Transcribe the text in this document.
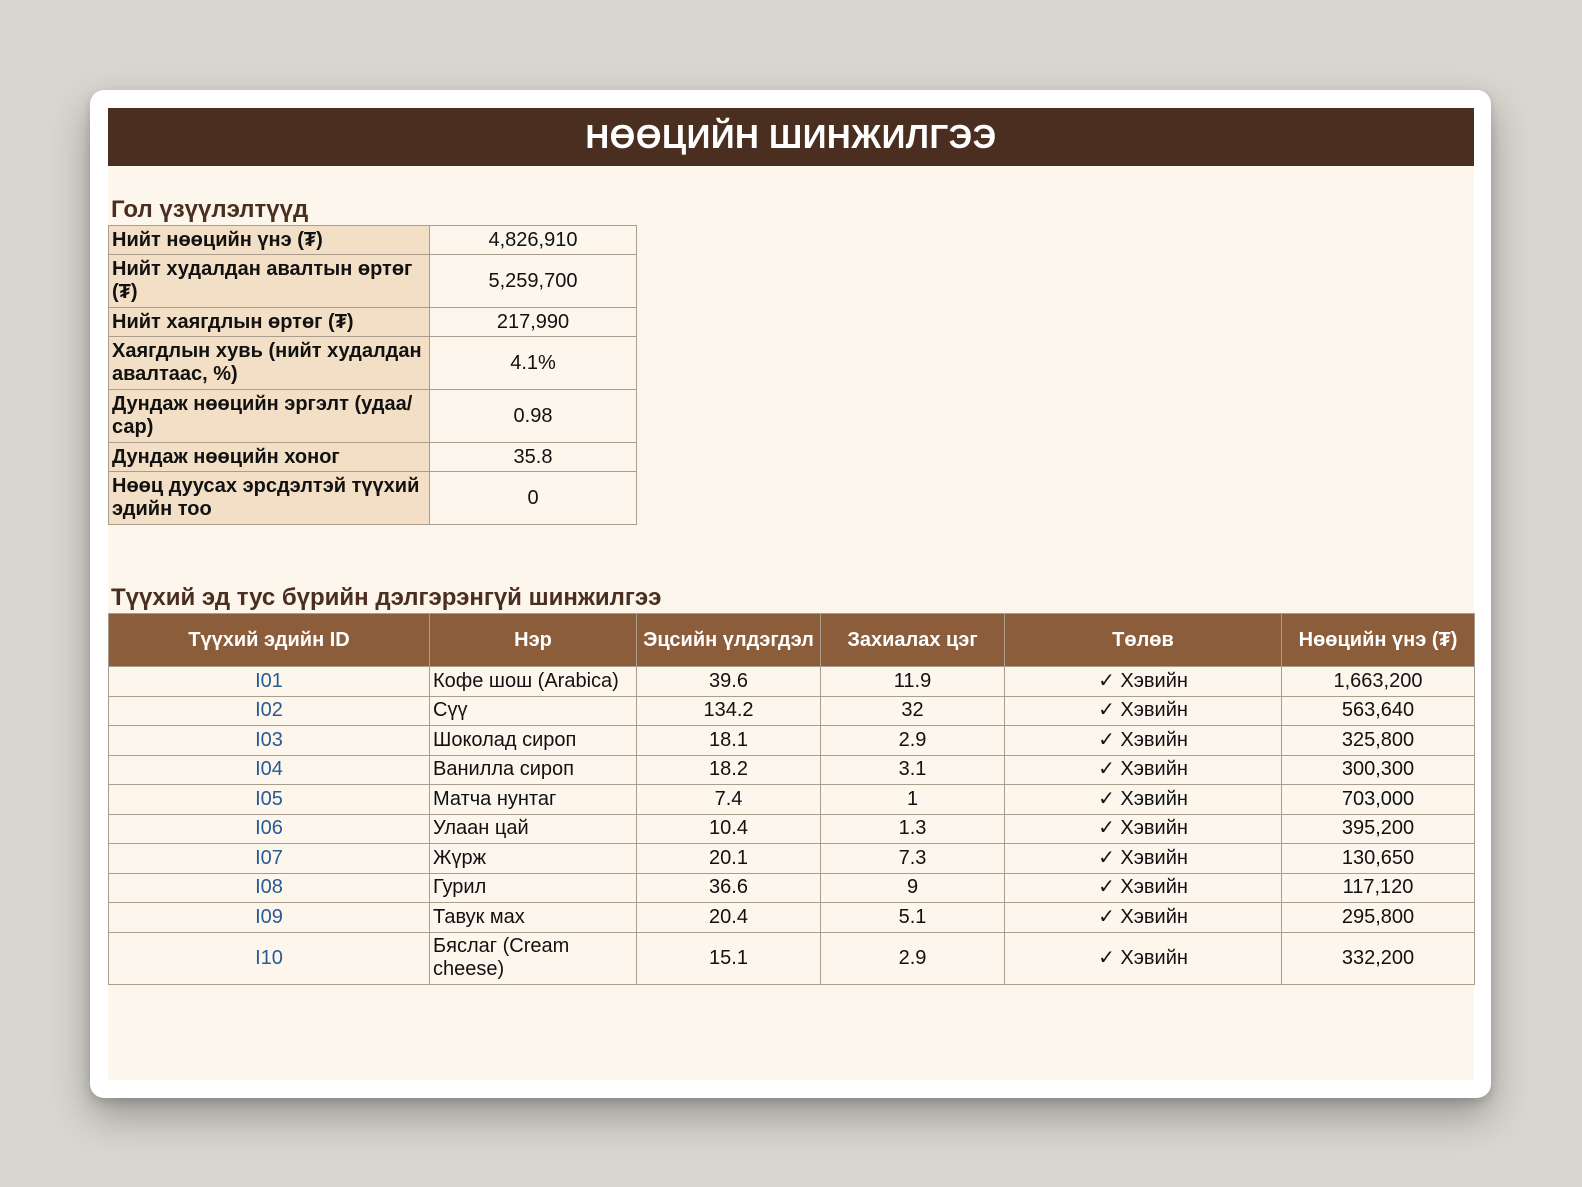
НӨӨЦИЙН ШИНЖИЛГЭЭ
Гол үзүүлэлтүүд
Нийт нөөцийн үнэ (₮)	4,826,910
Нийт худалдан авалтын өртөг (₮)	5,259,700
Нийт хаягдлын өртөг (₮)	217,990
Хаягдлын хувь (нийт худалдан авалтаас, %)	4.1%
Дундаж нөөцийн эргэлт (удаа/сар)	0.98
Дундаж нөөцийн хоног	35.8
Нөөц дуусах эрсдэлтэй түүхий эдийн тоо	0
Түүхий эд тус бүрийн дэлгэрэнгүй шинжилгээ
Түүхий эдийн ID	Нэр	Эцсийн үлдэгдэл	Захиалах цэг	Төлөв	Нөөцийн үнэ (₮)
I01	Кофе шош (Arabica)	39.6	11.9	✓ Хэвийн	1,663,200
I02	Сүү	134.2	32	✓ Хэвийн	563,640
I03	Шоколад сироп	18.1	2.9	✓ Хэвийн	325,800
I04	Ванилла сироп	18.2	3.1	✓ Хэвийн	300,300
I05	Матча нунтаг	7.4	1	✓ Хэвийн	703,000
I06	Улаан цай	10.4	1.3	✓ Хэвийн	395,200
I07	Жүрж	20.1	7.3	✓ Хэвийн	130,650
I08	Гурил	36.6	9	✓ Хэвийн	117,120
I09	Тавук мах	20.4	5.1	✓ Хэвийн	295,800
I10	Бяслаг (Cream cheese)	15.1	2.9	✓ Хэвийн	332,200
